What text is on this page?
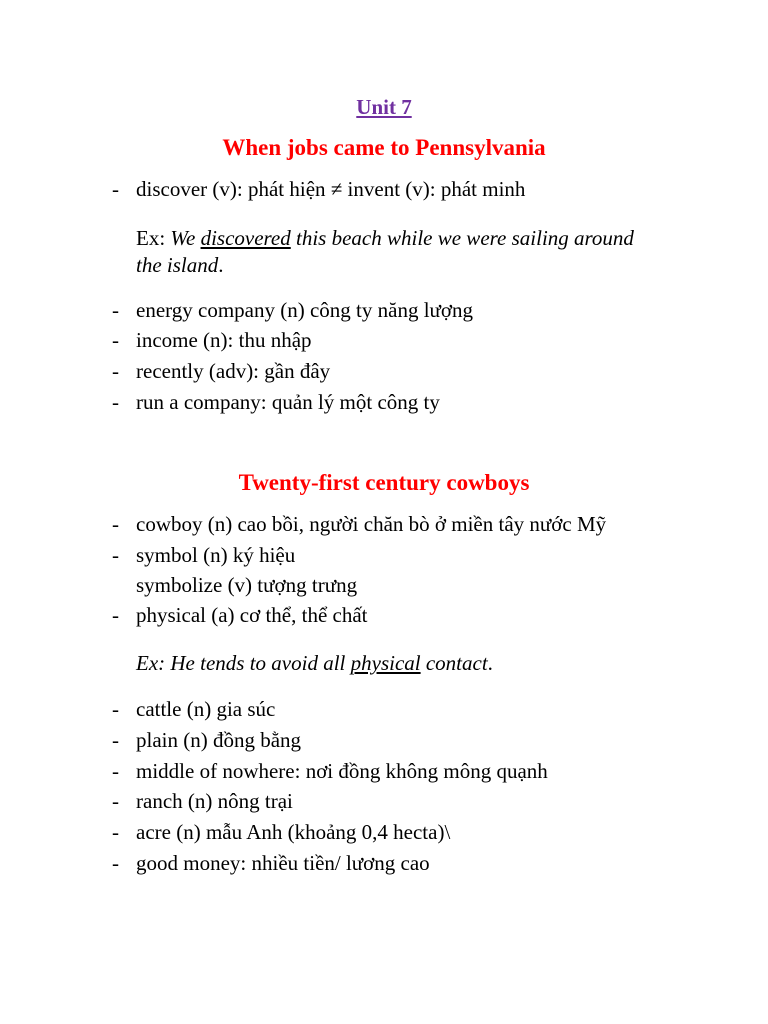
Unit 7
When jobs came to Pennsylvania
- discover (v): phát hiện ≠ invent (v): phát minh
Ex: We discovered this beach while we were sailing around the island.
- energy company (n) công ty năng lượng
- income (n): thu nhập
- recently (adv): gần đây
- run a company: quản lý một công ty
Twenty-first century cowboys
- cowboy (n) cao bồi, người chăn bò ở miền tây nước Mỹ
- symbol (n) ký hiệu
symbolize (v) tượng trưng
- physical (a) cơ thể, thể chất
Ex: He tends to avoid all physical contact.
- cattle (n) gia súc
- plain (n) đồng bằng
- middle of nowhere: nơi đồng không mông quạnh
- ranch (n) nông trại
- acre (n) mẫu Anh (khoảng 0,4 hecta)\
- good money: nhiều tiền/ lương cao
